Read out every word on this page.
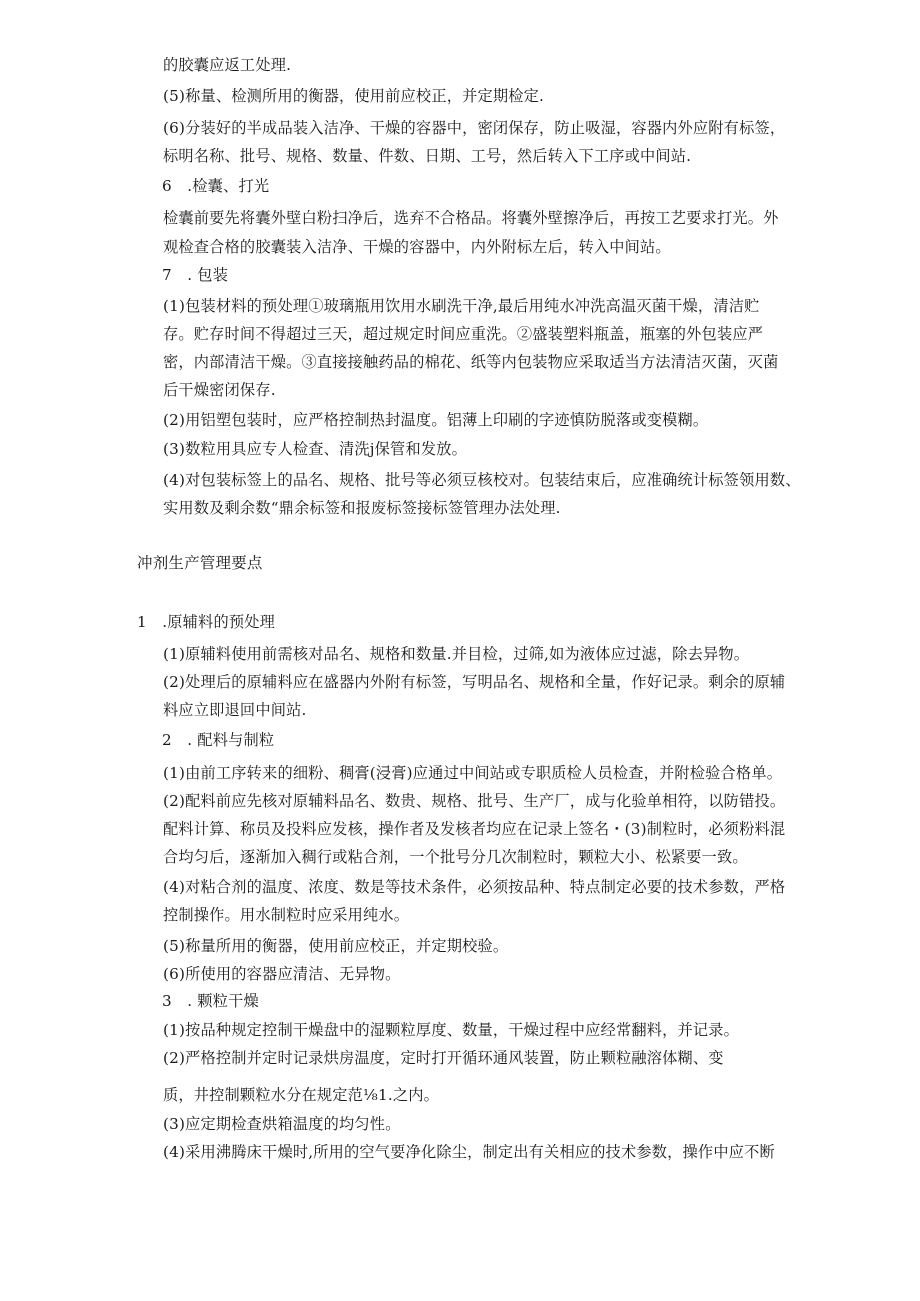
的胶囊应返工处理.
(5)称量、检测所用的衡器，使用前应校正，并定期检定.
(6)分装好的半成品装入洁净、干燥的容器中，密闭保存，防止吸湿，容器内外应附有标签，
标明名称、批号、规格、数量、件数、日期、工号，然后转入下工序或中间站.
6　.检囊、打光
检囊前要先将囊外壁白粉扫净后，选弃不合格品。将囊外壁擦净后，再按工艺要求打光。外
观检查合格的胶囊装入洁净、干燥的容器中，内外附标左后，转入中间站。
7　. 包装
(1)包装材料的预处理①玻璃瓶用饮用水刷洗干净,最后用纯水冲洗高温灭菌干燥，清洁贮
存。贮存时间不得超过三天，超过规定时间应重洗。②盛装塑料瓶盖，瓶塞的外包装应严
密，内部清洁干燥。③直接接触药品的棉花、纸等内包装物应采取适当方法清洁灭菌，灭菌
后干燥密闭保存.
(2)用铝塑包装时，应严格控制热封温度。铝薄上印刷的字迹慎防脱落或变模糊。
(3)数粒用具应专人检查、清洗j保管和发放。
(4)对包装标签上的品名、规格、批号等必须豆核校对。包装结束后，应准确统计标签领用数、
实用数及剩余数“鼎余标签和报废标签接标签管理办法处理.
冲剂生产管理要点
1　.原辅料的预处理
(1)原辅料使用前需核对品名、规格和数量.并目检，过筛,如为液体应过滤，除去异物。
(2)处理后的原辅料应在盛器内外附有标签，写明品名、规格和全量，作好记录。剩余的原辅
料应立即退回中间站.
2　. 配料与制粒
(1)由前工序转来的细粉、稠膏(浸膏)应通过中间站或专职质检人员检查，并附检验合格单。
(2)配料前应先核对原辅料品名、数贵、规格、批号、生产厂，成与化验单相符，以防错投。
配料计算、称员及投料应发核，操作者及发核者均应在记录上签名・(3)制粒时，必须粉料混
合均匀后，逐渐加入稠行或粘合剂，一个批号分几次制粒时，颗粒大小、松紧要一致。
(4)对粘合剂的温度、浓度、数是等技术条件，必须按品种、特点制定必要的技术参数，严格
控制操作。用水制粒时应采用纯水。
(5)称量所用的衡器，使用前应校正，并定期校验。
(6)所使用的容器应清洁、无异物。
3　. 颗粒干燥
(1)按品种规定控制干燥盘中的湿颗粒厚度、数量，干燥过程中应经常翻料，并记录。
(2)严格控制并定时记录烘房温度，定时打开循环通风装置，防止颗粒融溶体糊、变
质，井控制颗粒水分在规定范⅛1.之内。
(3)应定期检查烘箱温度的均匀性。
(4)采用沸腾床干燥时,所用的空气要净化除尘，制定出有关相应的技术参数，操作中应不断
